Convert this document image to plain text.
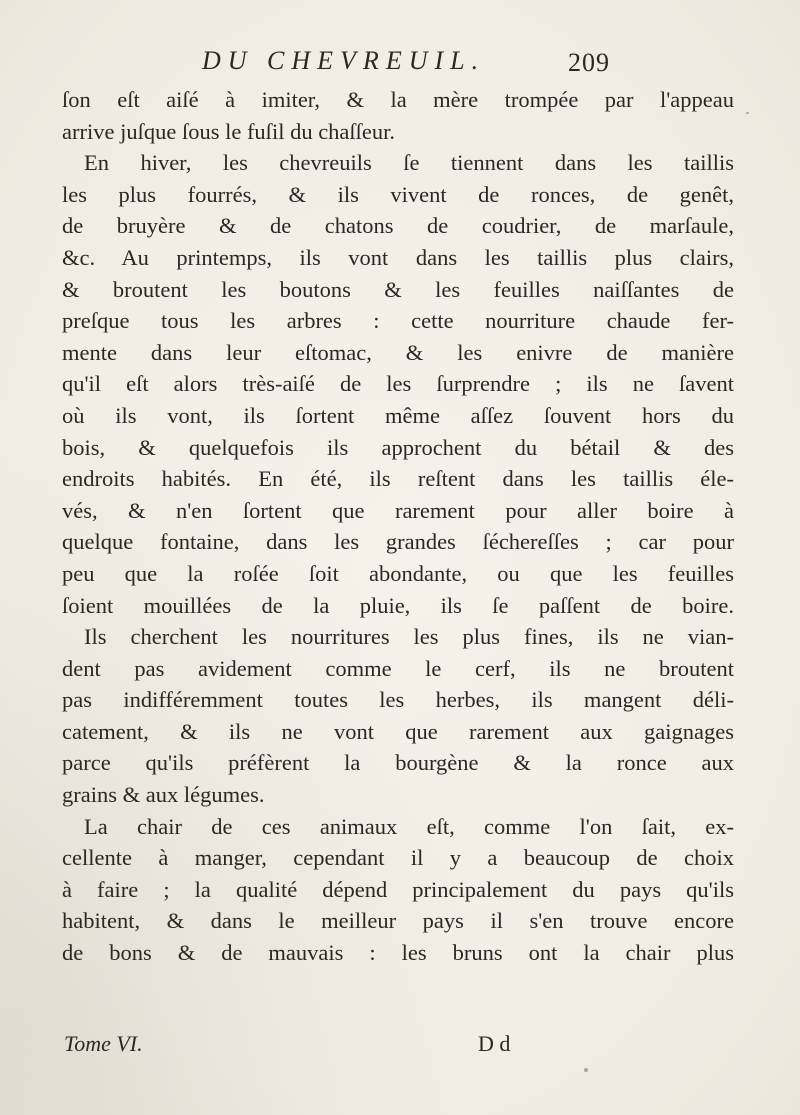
DU CHEVREUIL.	209
ſon eſt aiſé à imiter, & la mère trompée par l'appeau
arrive juſque ſous le fuſil du chaſſeur.
En hiver, les chevreuils ſe tiennent dans les taillis
les plus fourrés, & ils vivent de ronces, de genêt,
de bruyère & de chatons de coudrier, de marſaule,
&c. Au printemps, ils vont dans les taillis plus clairs,
& broutent les boutons & les feuilles naiſſantes de
preſque tous les arbres : cette nourriture chaude fer-
mente dans leur eſtomac, & les enivre de manière
qu'il eſt alors très-aiſé de les ſurprendre ; ils ne ſavent
où ils vont, ils ſortent même aſſez ſouvent hors du
bois, & quelquefois ils approchent du bétail & des
endroits habités. En été, ils reſtent dans les taillis éle-
vés, & n'en ſortent que rarement pour aller boire à
quelque fontaine, dans les grandes ſéchereſſes ; car pour
peu que la roſée ſoit abondante, ou que les feuilles
ſoient mouillées de la pluie, ils ſe paſſent de boire.
Ils cherchent les nourritures les plus fines, ils ne vian-
dent pas avidement comme le cerf, ils ne broutent
pas indifféremment toutes les herbes, ils mangent déli-
catement, & ils ne vont que rarement aux gaignages
parce qu'ils préfèrent la bourgène & la ronce aux
grains & aux légumes.
La chair de ces animaux eſt, comme l'on ſait, ex-
cellente à manger, cependant il y a beaucoup de choix
à faire ; la qualité dépend principalement du pays qu'ils
habitent, & dans le meilleur pays il s'en trouve encore
de bons & de mauvais : les bruns ont la chair plus
Tome VI.	D d
